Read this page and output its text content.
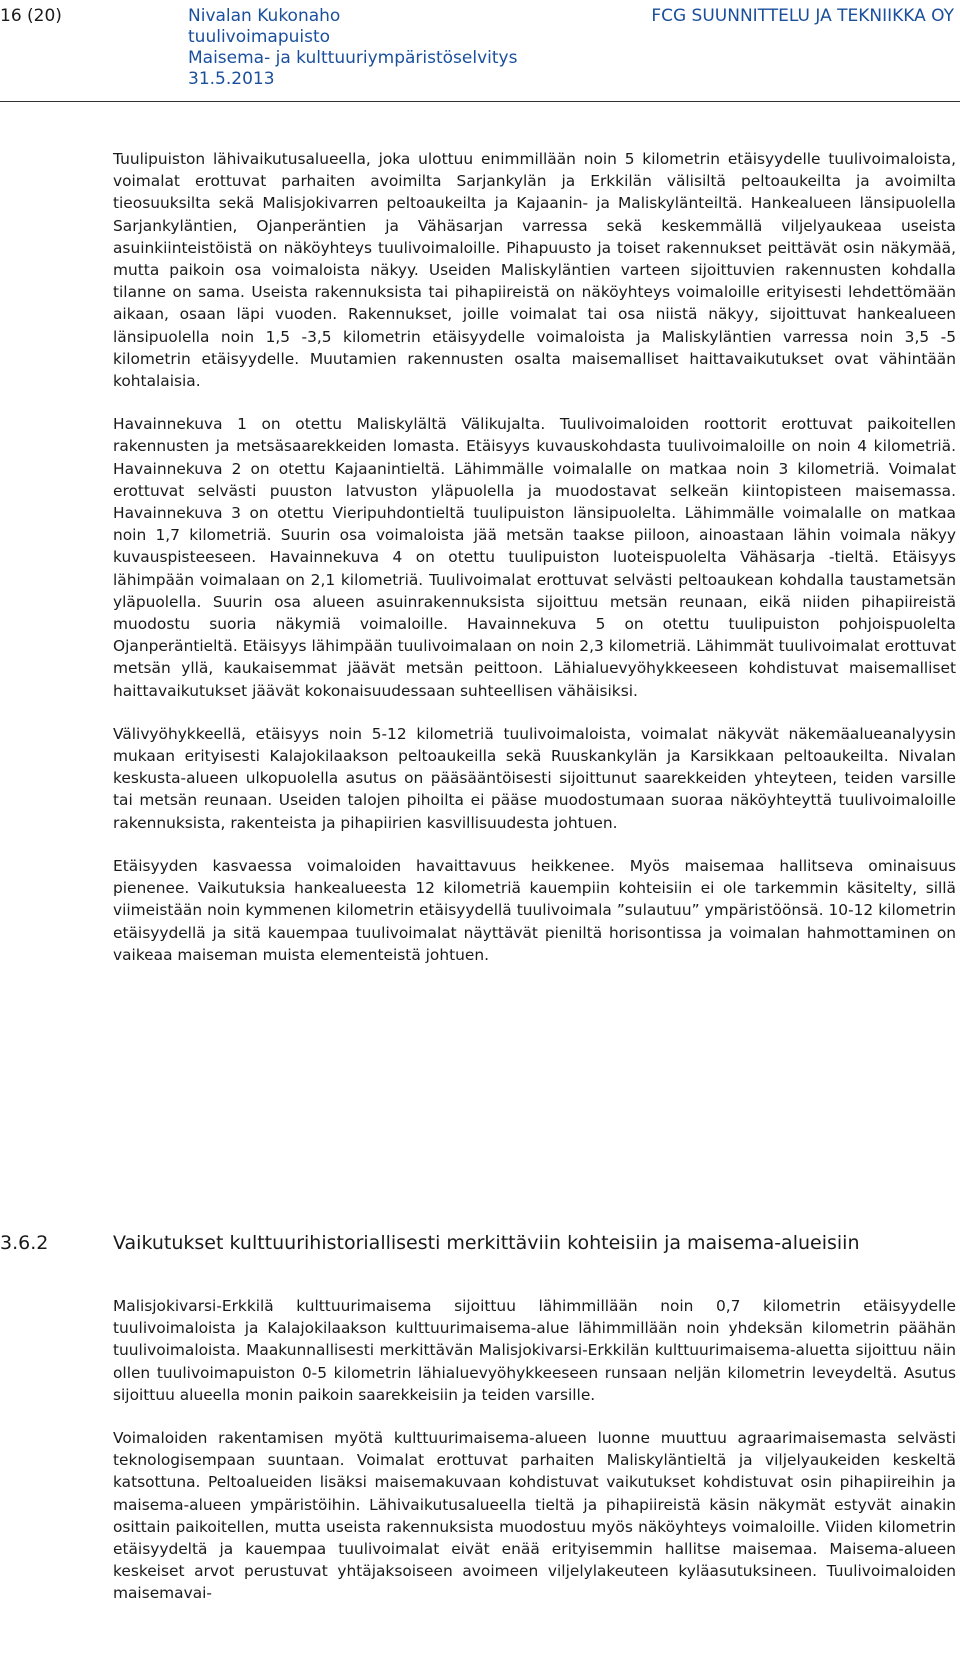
16 (20)	Nivalan Kukonaho
tuulivoimapuisto
Maisema- ja kulttuuriympäristöselvitys
31.5.2013
FCG SUUNNITTELU JA TEKNIIKKA OY

Tuulipuiston lähivaikutusalueella, joka ulottuu enimmillään noin 5 kilometrin etäisyydelle tuulivoimaloista, voimalat erottuvat parhaiten avoimilta Sarjankylän ja Erkkilän välisiltä peltoaukeilta ja avoimilta tieosuuksilta sekä Malisjokivarren peltoaukeilta ja Kajaanin- ja Maliskylänteiltä. Hankealueen länsipuolella Sarjankyläntien, Ojanperäntien ja Vähäsarjan varressa sekä keskemmällä viljelyaukeaa useista asuinkiinteistöistä on näköyhteys tuulivoimaloille. Pihapuusto ja toiset rakennukset peittävät osin näkymää, mutta paikoin osa voimaloista näkyy. Useiden Maliskyläntien varteen sijoittuvien rakennusten kohdalla tilanne on sama. Useista rakennuksista tai pihapiireistä on näköyhteys voimaloille erityisesti lehdettömään aikaan, osaan läpi vuoden. Rakennukset, joille voimalat tai osa niistä näkyy, sijoittuvat hankealueen länsipuolella noin 1,5 -3,5 kilometrin etäisyydelle voimaloista ja Maliskyläntien varressa noin 3,5 -5 kilometrin etäisyydelle. Muutamien rakennusten osalta maisemalliset haittavaikutukset ovat vähintään kohtalaisia.

Havainnekuva 1 on otettu Maliskylältä Välikujalta. Tuulivoimaloiden roottorit erottuvat paikoitellen rakennusten ja metsäsaarekkeiden lomasta. Etäisyys kuvauskohdasta tuulivoimaloille on noin 4 kilometriä. Havainnekuva 2 on otettu Kajaanintieltä. Lähimmälle voimalalle on matkaa noin 3 kilometriä. Voimalat erottuvat selvästi puuston latvuston yläpuolella ja muodostavat selkeän kiintopisteen maisemassa. Havainnekuva 3 on otettu Vieripuhdontieltä tuulipuiston länsipuolelta. Lähimmälle voimalalle on matkaa noin 1,7 kilometriä. Suurin osa voimaloista jää metsän taakse piiloon, ainoastaan lähin voimala näkyy kuvauspisteeseen. Havainnekuva 4 on otettu tuulipuiston luoteispuolelta Vähäsarja -tieltä. Etäisyys lähimpään voimalaan on 2,1 kilometriä. Tuulivoimalat erottuvat selvästi peltoaukean kohdalla taustametsän yläpuolella. Suurin osa alueen asuinrakennuksista sijoittuu metsän reunaan, eikä niiden pihapiireistä muodostu suoria näkymiä voimaloille. Havainnekuva 5 on otettu tuulipuiston pohjoispuolelta Ojanperäntieltä. Etäisyys lähimpään tuulivoimalaan on noin 2,3 kilometriä. Lähimmät tuulivoimalat erottuvat metsän yllä, kaukaisemmat jäävät metsän peittoon. Lähialuevyöhykkeeseen kohdistuvat maisemalliset haittavaikutukset jäävät kokonaisuudessaan suhteellisen vähäisiksi.

Välivyöhykkeellä, etäisyys noin 5-12 kilometriä tuulivoimaloista, voimalat näkyvät näkemäalueanalyysin mukaan erityisesti Kalajokilaakson peltoaukeilla sekä Ruuskankylän ja Karsikkaan peltoaukeilta. Nivalan keskusta-alueen ulkopuolella asutus on pääsääntöisesti sijoittunut saarekkeiden yhteyteen, teiden varsille tai metsän reunaan. Useiden talojen pihoilta ei pääse muodostumaan suoraa näköyhteyttä tuulivoimaloille rakennuksista, rakenteista ja pihapiirien kasvillisuudesta johtuen.

Etäisyyden kasvaessa voimaloiden havaittavuus heikkenee. Myös maisemaa hallitseva ominaisuus pienenee. Vaikutuksia hankealueesta 12 kilometriä kauempiin kohteisiin ei ole tarkemmin käsitelty, sillä viimeistään noin kymmenen kilometrin etäisyydellä tuulivoimala ”sulautuu” ympäristöönsä. 10-12 kilometrin etäisyydellä ja sitä kauempaa tuulivoimalat näyttävät pieniltä horisontissa ja voimalan hahmottaminen on vaikeaa maiseman muista elementeistä johtuen.

3.6.2	Vaikutukset kulttuurihistoriallisesti merkittäviin kohteisiin ja maisema-alueisiin

Malisjokivarsi-Erkkilä kulttuurimaisema sijoittuu lähimmillään noin 0,7 kilometrin etäisyydelle tuulivoimaloista ja Kalajokilaakson kulttuurimaisema-alue lähimmillään noin yhdeksän kilometrin päähän tuulivoimaloista. Maakunnallisesti merkittävän Malisjokivarsi-Erkkilän kulttuurimaisema-aluetta sijoittuu näin ollen tuulivoimapuiston 0-5 kilometrin lähialuevyöhykkeeseen runsaan neljän kilometrin leveydeltä. Asutus sijoittuu alueella monin paikoin saarekkeisiin ja teiden varsille.

Voimaloiden rakentamisen myötä kulttuurimaisema-alueen luonne muuttuu agraarimaisemasta selvästi teknologisempaan suuntaan. Voimalat erottuvat parhaiten Maliskyläntieltä ja viljelyaukeiden keskeltä katsottuna. Peltoalueiden lisäksi maisemakuvaan kohdistuvat vaikutukset kohdistuvat osin pihapiireihin ja maisema-alueen ympäristöihin. Lähivaikutusalueella tieltä ja pihapiireistä käsin näkymät estyvät ainakin osittain paikoitellen, mutta useista rakennuksista muodostuu myös näköyhteys voimaloille. Viiden kilometrin etäisyydeltä ja kauempaa tuulivoimalat eivät enää erityisemmin hallitse maisemaa. Maisema-alueen keskeiset arvot perustuvat yhtäjaksoiseen avoimeen viljelylakeuteen kyläasutuksineen. Tuulivoimaloiden maisemavai-
